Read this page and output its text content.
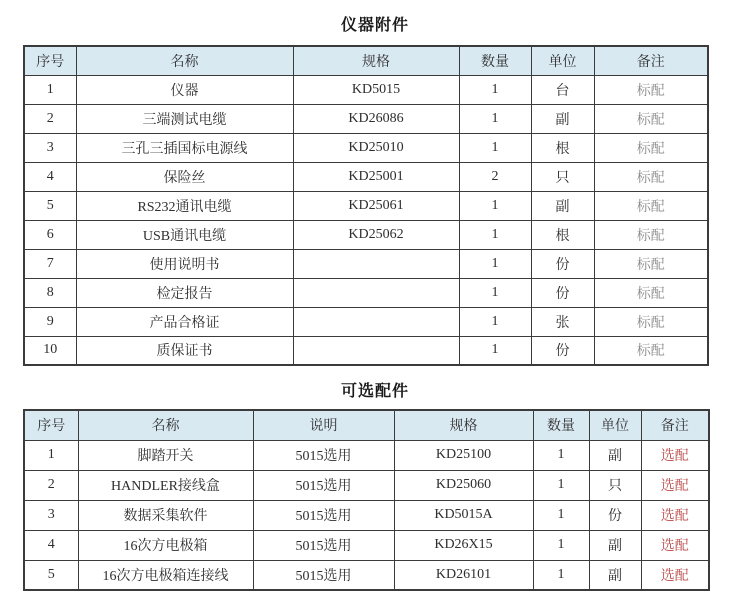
仪器附件
序号	名称	规格	数量	单位	备注
1	仪器	KD5015	1	台	标配
2	三端测试电缆	KD26086	1	副	标配
3	三孔三插国标电源线	KD25010	1	根	标配
4	保险丝	KD25001	2	只	标配
5	RS232通讯电缆	KD25061	1	副	标配
6	USB通讯电缆	KD25062	1	根	标配
7	使用说明书		1	份	标配
8	检定报告		1	份	标配
9	产品合格证		1	张	标配
10	质保证书		1	份	标配
可选配件
序号	名称	说明	规格	数量	单位	备注
1	脚踏开关	5015选用	KD25100	1	副	选配
2	HANDLER接线盒	5015选用	KD25060	1	只	选配
3	数据采集软件	5015选用	KD5015A	1	份	选配
4	16次方电极箱	5015选用	KD26X15	1	副	选配
5	16次方电极箱连接线	5015选用	KD26101	1	副	选配
